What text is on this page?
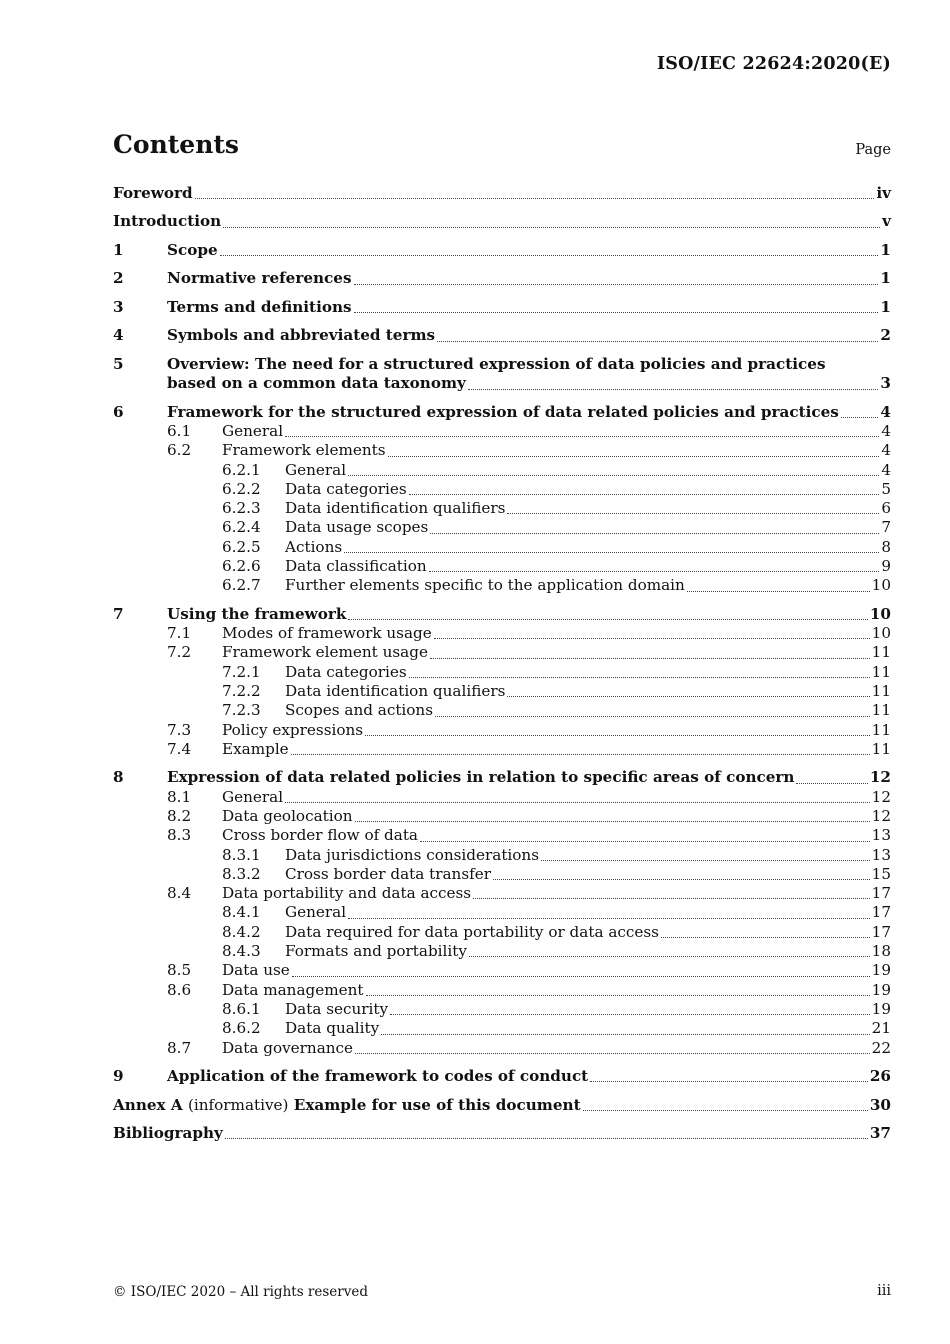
ISO/IEC 22624:2020(E)
Contents	Page
Foreword	iv
Introduction	v
1	Scope	1
2	Normative references	1
3	Terms and definitions	1
4	Symbols and abbreviated terms	2
5	Overview: The need for a structured expression of data policies and practices
based on a common data taxonomy	3
6	Framework for the structured expression of data related policies and practices	4
6.1	General	4
6.2	Framework elements	4
6.2.1	General	4
6.2.2	Data categories	5
6.2.3	Data identification qualifiers	6
6.2.4	Data usage scopes	7
6.2.5	Actions	8
6.2.6	Data classification	9
6.2.7	Further elements specific to the application domain	10
7	Using the framework	10
7.1	Modes of framework usage	10
7.2	Framework element usage	11
7.2.1	Data categories	11
7.2.2	Data identification qualifiers	11
7.2.3	Scopes and actions	11
7.3	Policy expressions	11
7.4	Example	11
8	Expression of data related policies in relation to specific areas of concern	12
8.1	General	12
8.2	Data geolocation	12
8.3	Cross border flow of data	13
8.3.1	Data jurisdictions considerations	13
8.3.2	Cross border data transfer	15
8.4	Data portability and data access	17
8.4.1	General	17
8.4.2	Data required for data portability or data access	17
8.4.3	Formats and portability	18
8.5	Data use	19
8.6	Data management	19
8.6.1	Data security	19
8.6.2	Data quality	21
8.7	Data governance	22
9	Application of the framework to codes of conduct	26
Annex A (informative) Example for use of this document	30
Bibliography	37
© ISO/IEC 2020 – All rights reserved	iii
